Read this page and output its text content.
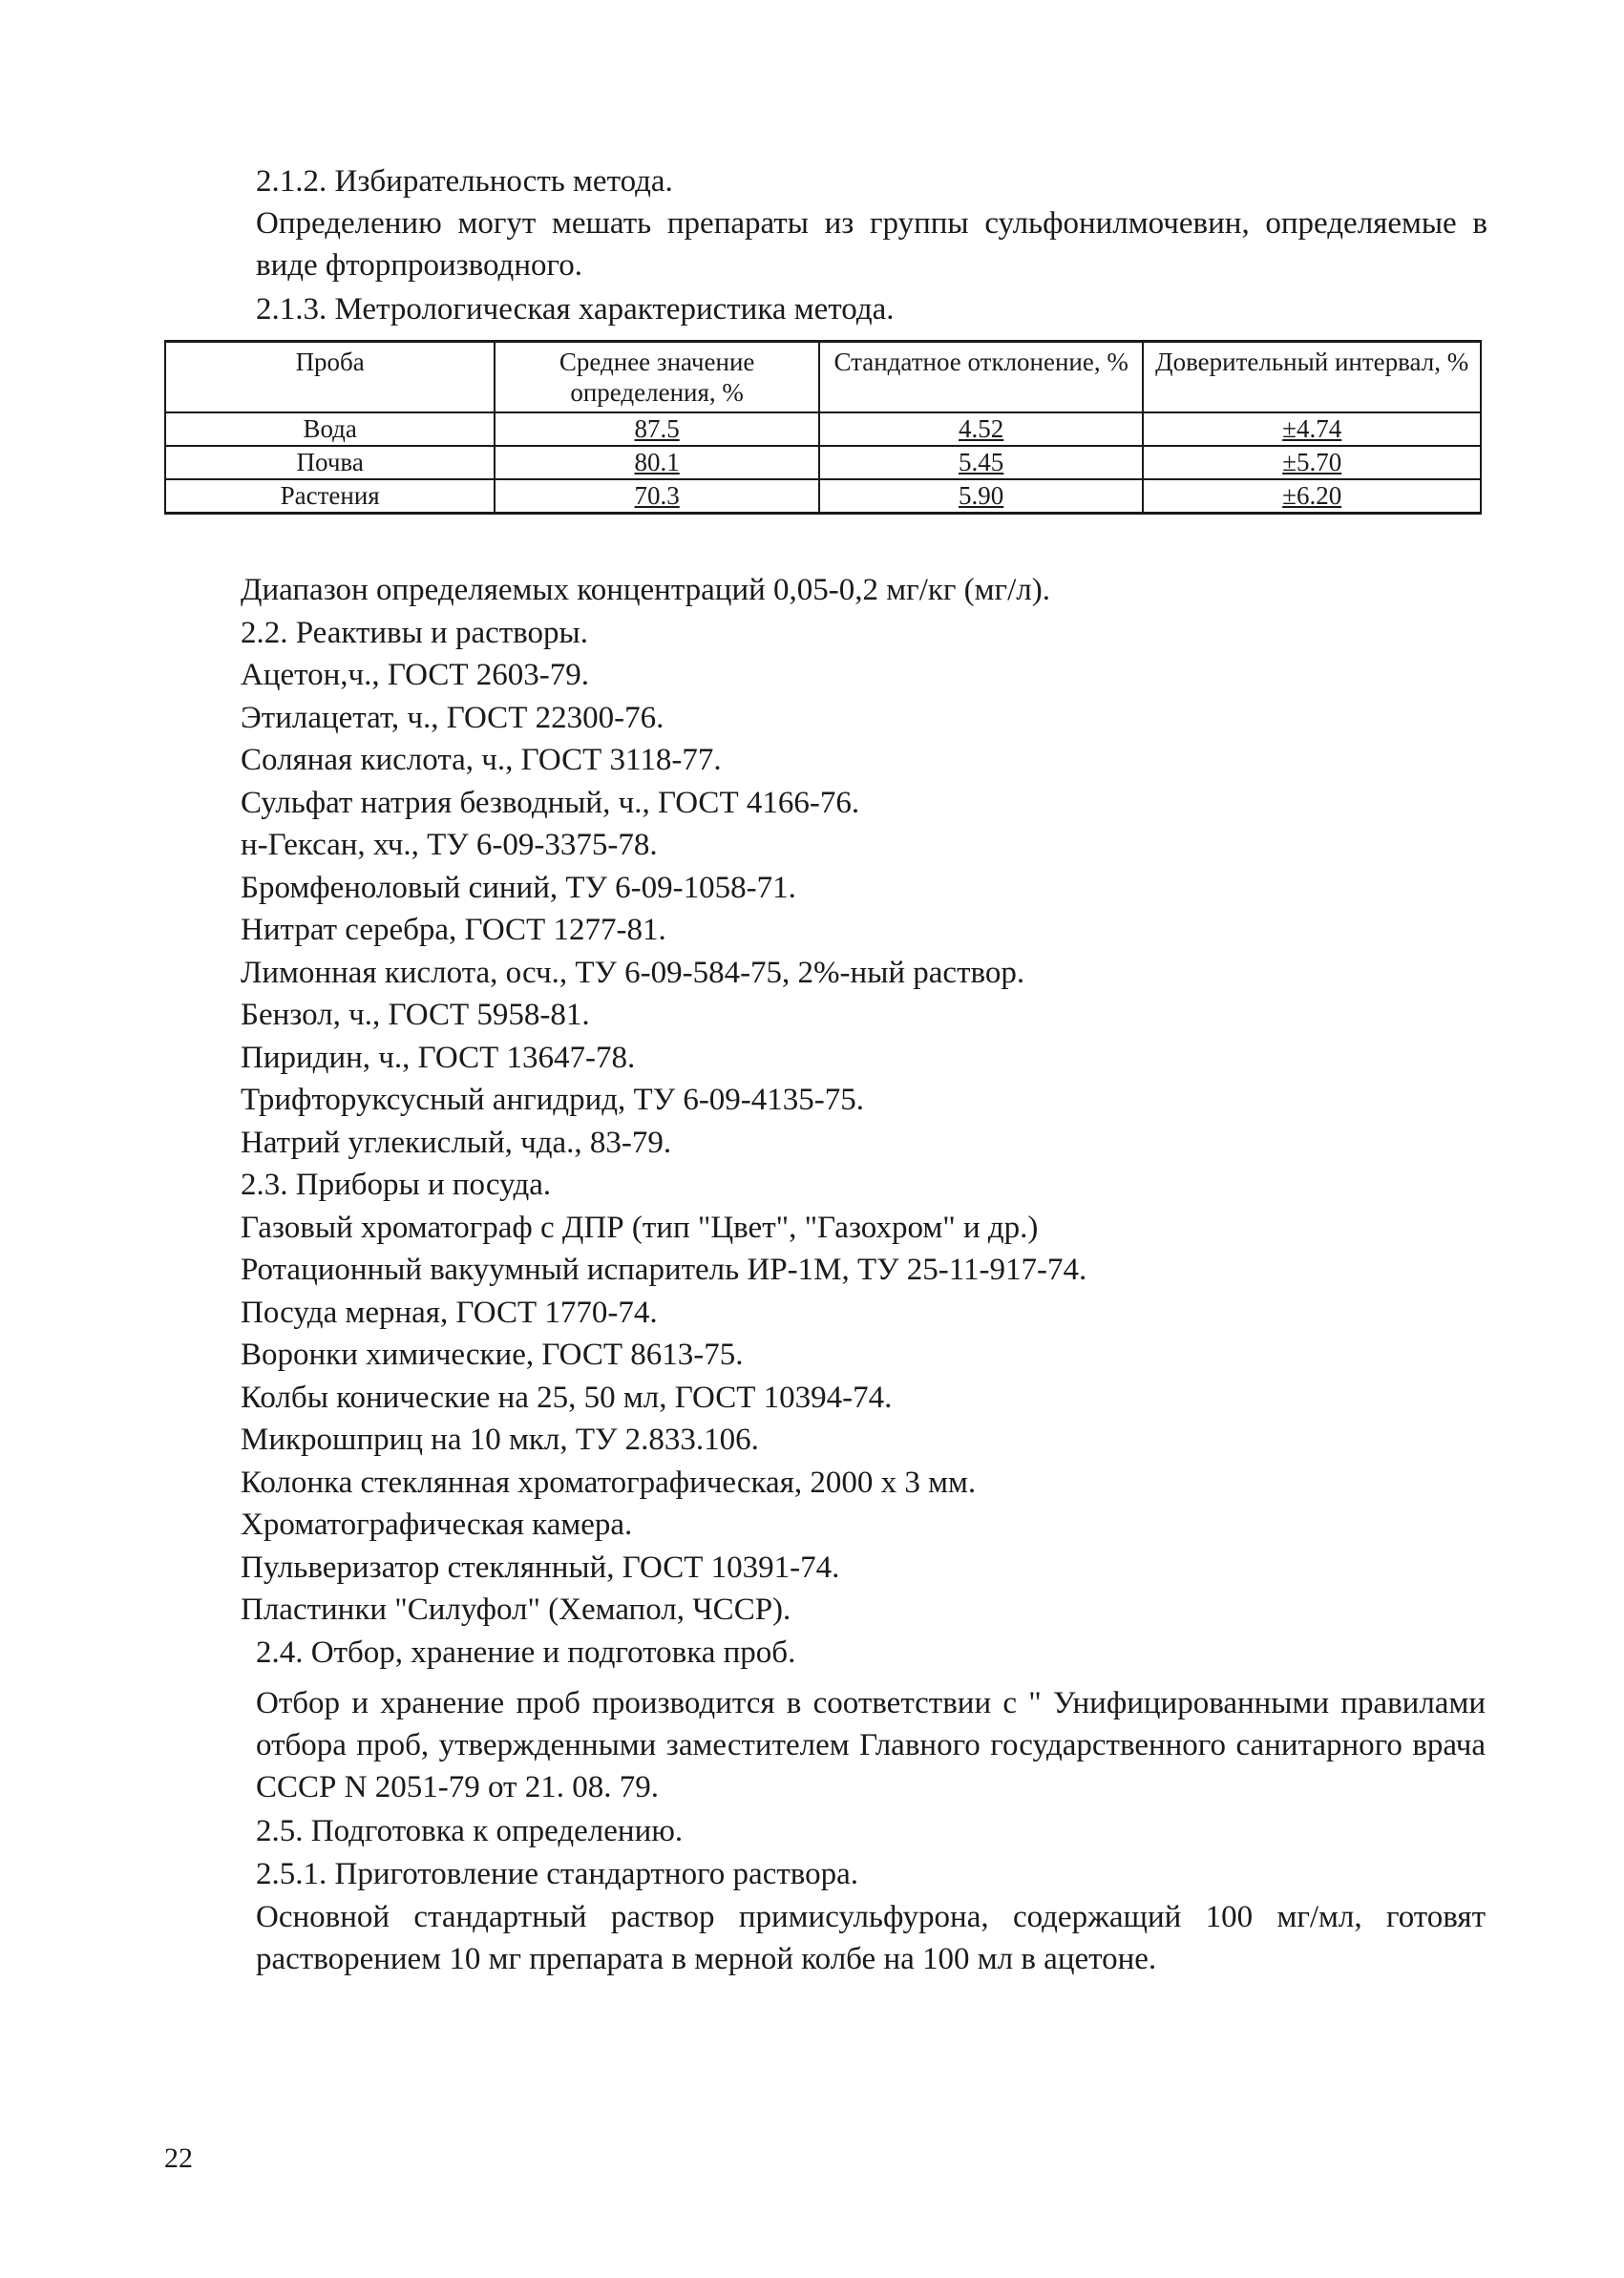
2.1.2. Избирательность метода.
Определению могут мешать препараты из группы сульфонилмочевин, определяемые в виде фторпроизводного.
2.1.3. Метрологическая характеристика метода.
Проба	Среднее значение определения, %	Стандатное отклонение, %	Доверительный интервал, %
Вода	87.5	4.52	±4.74
Почва	80.1	5.45	±5.70
Растения	70.3	5.90	±6.20
Диапазон определяемых концентраций 0,05-0,2 мг/кг (мг/л).
2.2. Реактивы и растворы.
Ацетон,ч., ГОСТ 2603-79.
Этилацетат, ч., ГОСТ 22300-76.
Соляная кислота, ч., ГОСТ 3118-77.
Сульфат натрия безводный, ч., ГОСТ 4166-76.
н-Гексан, хч., ТУ 6-09-3375-78.
Бромфеноловый синий, ТУ 6-09-1058-71.
Нитрат серебра, ГОСТ 1277-81.
Лимонная кислота, осч., ТУ 6-09-584-75, 2%-ный раствор.
Бензол, ч., ГОСТ 5958-81.
Пиридин, ч., ГОСТ 13647-78.
Трифторуксусный ангидрид, ТУ 6-09-4135-75.
Натрий углекислый, чда., 83-79.
2.3. Приборы и посуда.
Газовый хроматограф с ДПР (тип "Цвет", "Газохром" и др.)
Ротационный вакуумный испаритель ИР-1М, ТУ 25-11-917-74.
Посуда мерная, ГОСТ 1770-74.
Воронки химические, ГОСТ 8613-75.
Колбы конические на 25, 50 мл, ГОСТ 10394-74.
Микрошприц на 10 мкл, ТУ 2.833.106.
Колонка стеклянная хроматографическая, 2000 х 3 мм.
Хроматографическая камера.
Пульверизатор стеклянный, ГОСТ 10391-74.
Пластинки "Силуфол" (Хемапол, ЧССР).
2.4. Отбор, хранение и подготовка проб.
Отбор и хранение проб производится в соответствии с " Унифицированными правилами отбора проб, утвержденными заместителем Главного государственного санитарного врача СССР N 2051-79 от 21. 08. 79.
2.5. Подготовка к определению.
2.5.1. Приготовление стандартного раствора.
Основной стандартный раствор примисульфурона, содержащий 100 мг/мл, готовят растворением 10 мг препарата в мерной колбе на 100 мл в ацетоне.
22
